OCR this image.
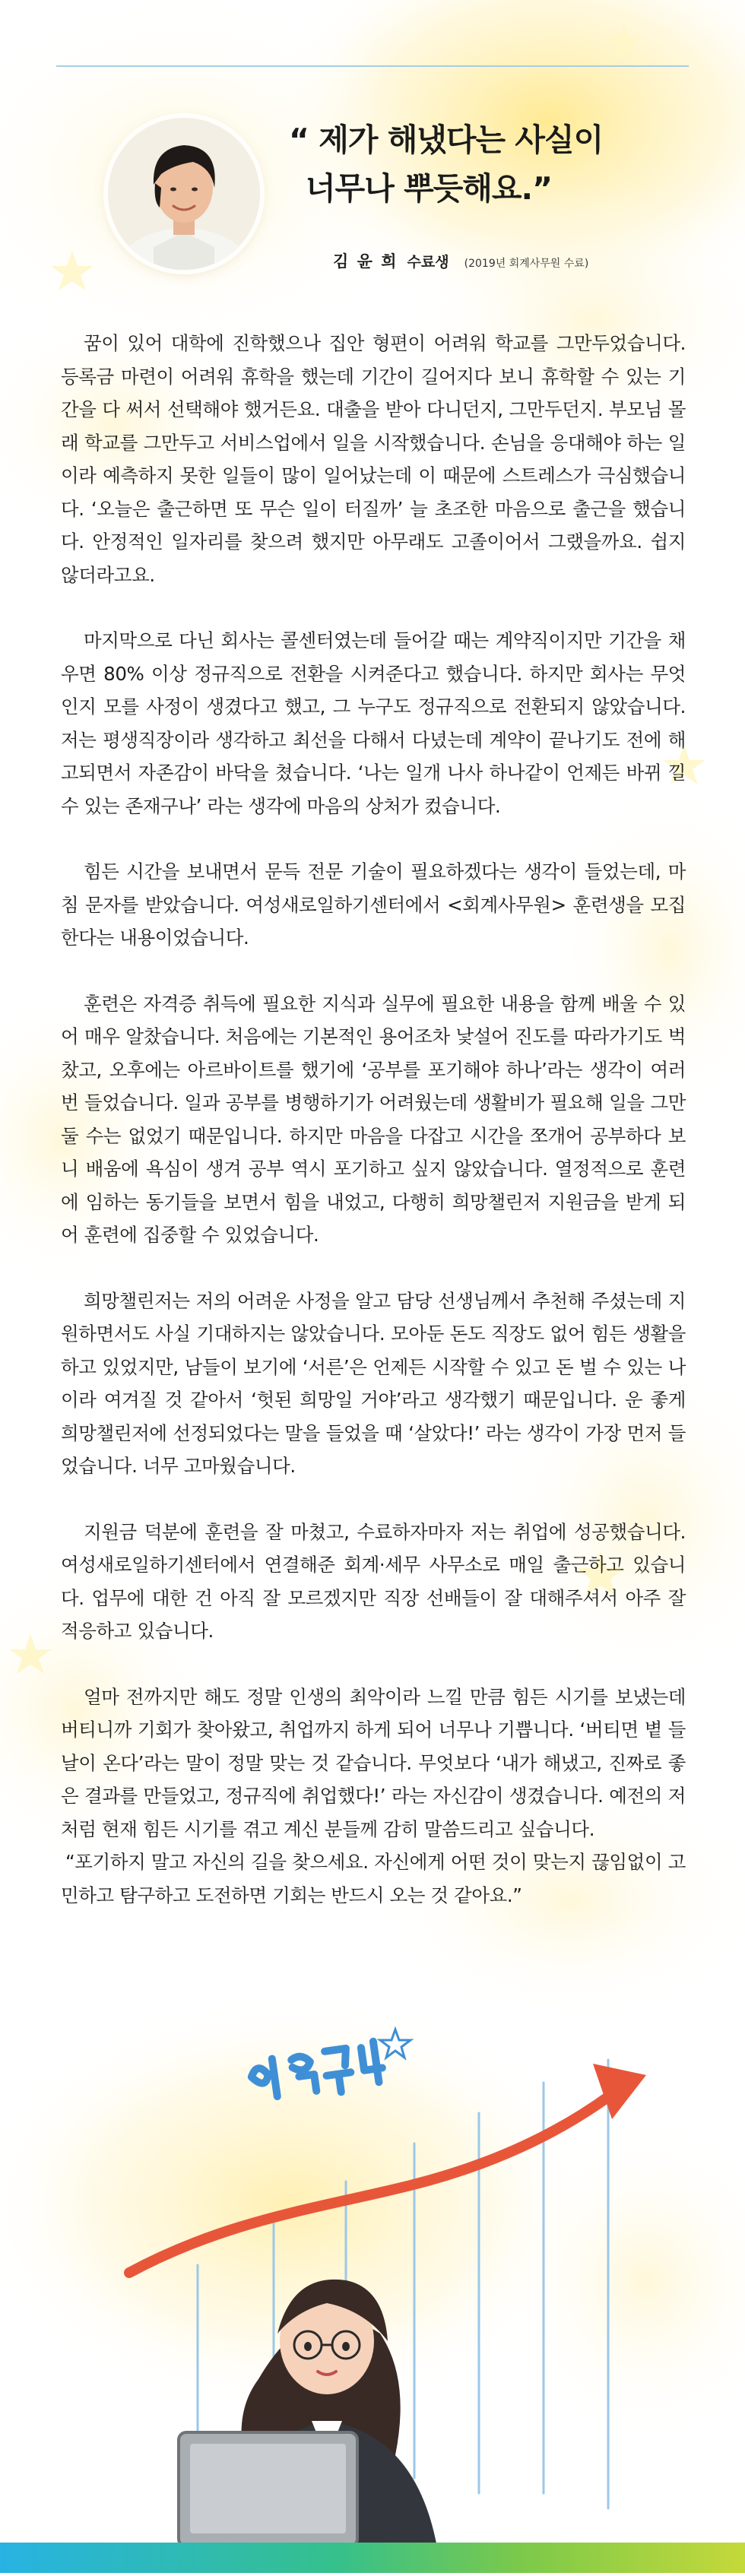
“ 제가 해냈다는 사실이
너무나 뿌듯해요.”
김 윤 희 수료생 (2019년 회계사무원 수료)

꿈이 있어 대학에 진학했으나 집안 형편이 어려워 학교를 그만두었습니다. 등록금 마련이 어려워 휴학을 했는데 기간이 길어지다 보니 휴학할 수 있는 기간을 다 써서 선택해야 했거든요. 대출을 받아 다니던지, 그만두던지. 부모님 몰래 학교를 그만두고 서비스업에서 일을 시작했습니다. 손님을 응대해야 하는 일이라 예측하지 못한 일들이 많이 일어났는데 이 때문에 스트레스가 극심했습니다. ‘오늘은 출근하면 또 무슨 일이 터질까’ 늘 초조한 마음으로 출근을 했습니다. 안정적인 일자리를 찾으려 했지만 아무래도 고졸이어서 그랬을까요. 쉽지 않더라고요.

마지막으로 다닌 회사는 콜센터였는데 들어갈 때는 계약직이지만 기간을 채우면 80% 이상 정규직으로 전환을 시켜준다고 했습니다. 하지만 회사는 무엇인지 모를 사정이 생겼다고 했고, 그 누구도 정규직으로 전환되지 않았습니다. 저는 평생직장이라 생각하고 최선을 다해서 다녔는데 계약이 끝나기도 전에 해고되면서 자존감이 바닥을 쳤습니다. ‘나는 일개 나사 하나같이 언제든 바뀌 낄 수 있는 존재구나’ 라는 생각에 마음의 상처가 컸습니다.

힘든 시간을 보내면서 문득 전문 기술이 필요하겠다는 생각이 들었는데, 마침 문자를 받았습니다. 여성새로일하기센터에서 <회계사무원> 훈련생을 모집한다는 내용이었습니다.

훈련은 자격증 취득에 필요한 지식과 실무에 필요한 내용을 함께 배울 수 있어 매우 알찼습니다. 처음에는 기본적인 용어조차 낯설어 진도를 따라가기도 벅찼고, 오후에는 아르바이트를 했기에 ‘공부를 포기해야 하나’라는 생각이 여러 번 들었습니다. 일과 공부를 병행하기가 어려웠는데 생활비가 필요해 일을 그만둘 수는 없었기 때문입니다. 하지만 마음을 다잡고 시간을 쪼개어 공부하다 보니 배움에 욕심이 생겨 공부 역시 포기하고 싶지 않았습니다. 열정적으로 훈련에 임하는 동기들을 보면서 힘을 내었고, 다행히 희망챌린저 지원금을 받게 되어 훈련에 집중할 수 있었습니다.

희망챌린저는 저의 어려운 사정을 알고 담당 선생님께서 추천해 주셨는데 지원하면서도 사실 기대하지는 않았습니다. 모아둔 돈도 직장도 없어 힘든 생활을 하고 있었지만, 남들이 보기에 ‘서른’은 언제든 시작할 수 있고 돈 벌 수 있는 나이라 여겨질 것 같아서 ‘헛된 희망일 거야’라고 생각했기 때문입니다. 운 좋게 희망챌린저에 선정되었다는 말을 들었을 때 ‘살았다!’ 라는 생각이 가장 먼저 들었습니다. 너무 고마웠습니다.

지원금 덕분에 훈련을 잘 마쳤고, 수료하자마자 저는 취업에 성공했습니다. 여성새로일하기센터에서 연결해준 회계·세무 사무소로 매일 출근하고 있습니다. 업무에 대한 건 아직 잘 모르겠지만 직장 선배들이 잘 대해주셔서 아주 잘 적응하고 있습니다.

얼마 전까지만 해도 정말 인생의 최악이라 느낄 만큼 힘든 시기를 보냈는데 버티니까 기회가 찾아왔고, 취업까지 하게 되어 너무나 기쁩니다. ‘버티면 볕 들 날이 온다’라는 말이 정말 맞는 것 같습니다. 무엇보다 ‘내가 해냈고, 진짜로 좋은 결과를 만들었고, 정규직에 취업했다!’ 라는 자신감이 생겼습니다. 예전의 저처럼 현재 힘든 시기를 겪고 계신 분들께 감히 말씀드리고 싶습니다.
“포기하지 말고 자신의 길을 찾으세요. 자신에게 어떤 것이 맞는지 끊임없이 고민하고 탐구하고 도전하면 기회는 반드시 오는 것 같아요.”
